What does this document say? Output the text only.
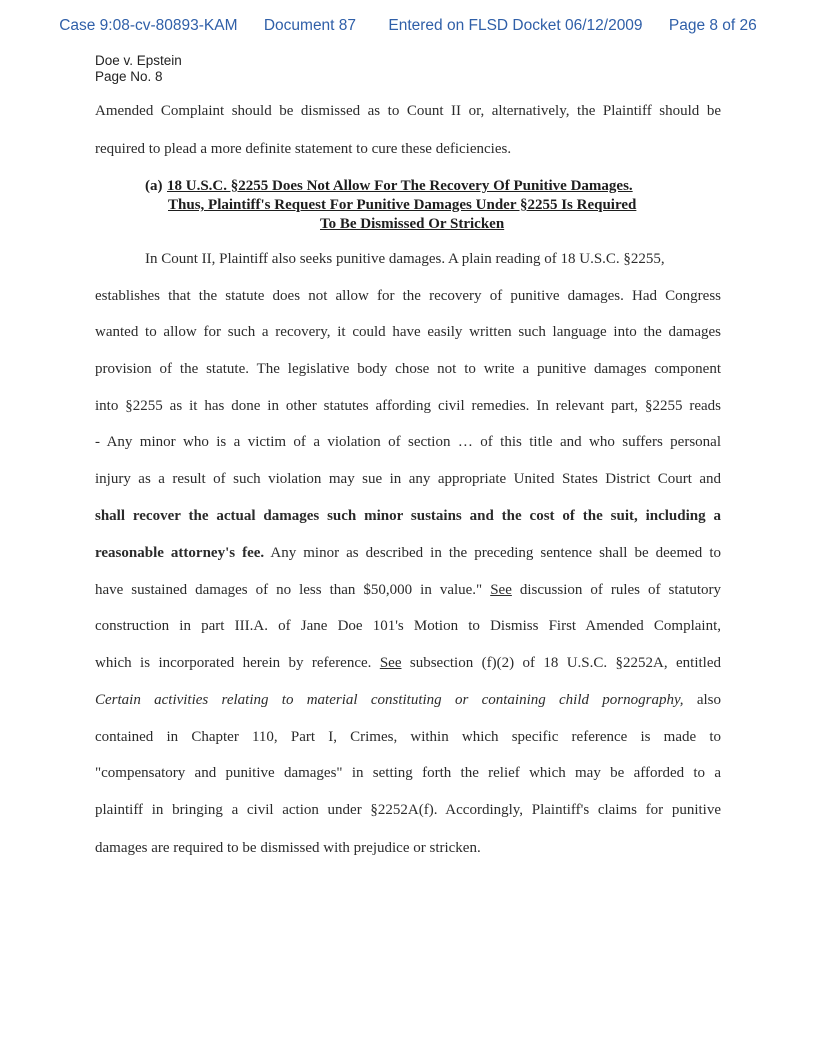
Case 9:08-cv-80893-KAM Document 87 Entered on FLSD Docket 06/12/2009 Page 8 of 26
Doe v. Epstein
Page No. 8
Amended Complaint should be dismissed as to Count II or, alternatively, the Plaintiff should be
required to plead a more definite statement to cure these deficiencies.
(a) 18 U.S.C. §2255 Does Not Allow For The Recovery Of Punitive Damages.
Thus, Plaintiff's Request For Punitive Damages Under §2255 Is Required
To Be Dismissed Or Stricken
In Count II, Plaintiff also seeks punitive damages. A plain reading of 18 U.S.C. §2255,
establishes that the statute does not allow for the recovery of punitive damages. Had Congress
wanted to allow for such a recovery, it could have easily written such language into the damages
provision of the statute. The legislative body chose not to write a punitive damages component
into §2255 as it has done in other statutes affording civil remedies. In relevant part, §2255 reads
- Any minor who is a victim of a violation of section … of this title and who suffers personal
injury as a result of such violation may sue in any appropriate United States District Court and
shall recover the actual damages such minor sustains and the cost of the suit, including a
reasonable attorney's fee. Any minor as described in the preceding sentence shall be deemed to
have sustained damages of no less than $50,000 in value." See discussion of rules of statutory
construction in part III.A. of Jane Doe 101's Motion to Dismiss First Amended Complaint,
which is incorporated herein by reference. See subsection (f)(2) of 18 U.S.C. §2252A, entitled
Certain activities relating to material constituting or containing child pornography, also
contained in Chapter 110, Part I, Crimes, within which specific reference is made to
"compensatory and punitive damages" in setting forth the relief which may be afforded to a
plaintiff in bringing a civil action under §2252A(f). Accordingly, Plaintiff's claims for punitive
damages are required to be dismissed with prejudice or stricken.
